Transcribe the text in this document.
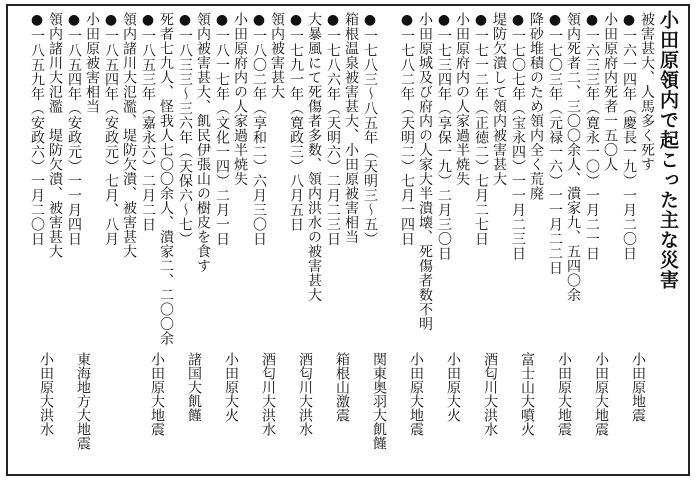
小田原領内で起こった主な災害
●一六一四年（慶長一九）一月二〇日 被害甚大、人馬多く死す
小田原地震
●一六三三年（寛永一〇）一月二一日 小田原府内死者一五〇人
小田原大地震
●一七〇三年（元禄一六）一一月二二日 領内死者二、三〇〇余人、潰家九、五四〇余
小田原大地震
●一七〇七年（宝永四）一一月二三日 降砂堆積のため領内全く荒廃
富士山大噴火
●一七一二年（正徳二）七月二七日 堤防欠潰して領内被害甚大
酒匂川大洪水
●一七三四年（享保一九）二月三〇日 小田原府内の人家過半焼失
小田原大火
●一七八二年（天明二）七月一四日 小田原城及び府内の人家大半潰壊、死傷者数不明
小田原大地震
●一七八三～八五年（天明三～五）
関東奥羽大飢饉
●一七八六年（天明六）二月二三日 箱根温泉被害甚大、小田原被害相当
箱根山激震
●一七九一年（寛政三）八月五日 大暴風にて死傷者多数、領内洪水の被害甚大
酒匂川大洪水
●一八〇二年（享和二）六月三〇日 領内被害甚大
酒匂川大洪水
●一八一七年（文化一四）二月一日 小田原府内の人家過半焼失
小田原大火
●一八三三～三六年（天保六～七） 領内被害甚大、飢民伊張山の樹皮を食す
諸国大飢饉
●一八五三年（嘉永六）二月二日 死者七九人、怪我人七〇〇余人、潰家二、二〇〇余
小田原大地震
●一八五四年（安政元）七月、八月 領内諸川大氾濫、堤防欠潰、被害甚大
●一八五四年（安政元）一一月四日 小田原被害相当
東海地方大地震
●一八五九年（安政六）一月二〇日 領内諸川大氾濫　堤防欠潰、被害甚大
小田原大洪水
